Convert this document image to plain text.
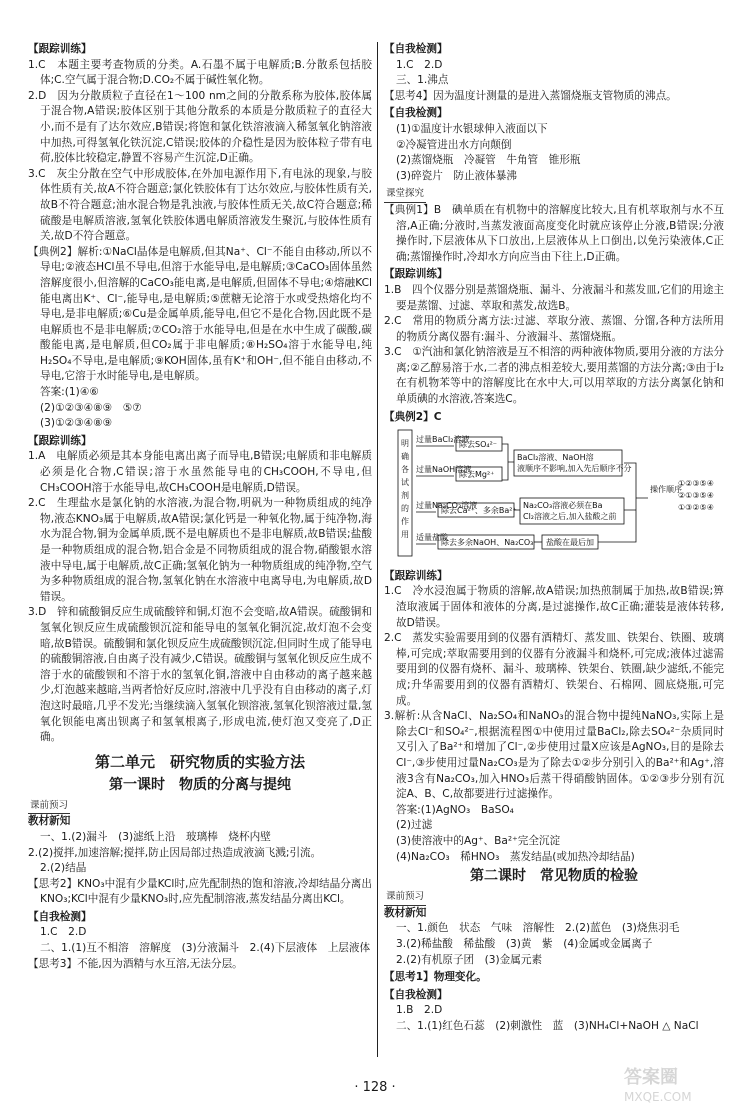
【跟踪训练】
1.C　本题主要考查物质的分类。A.石墨不属于电解质;B.分散系包括胶体;C.空气属于混合物;D.CO₂不属于碱性氧化物。
2.D　因为分散质粒子直径在1～100 nm之间的分散系称为胶体,胶体属于混合物,A错误;胶体区别于其他分散系的本质是分散质粒子的直径大小,而不是有了达尔效应,B错误;将饱和氯化铁溶液滴入稀氢氧化钠溶液中加热,可得氢氧化铁沉淀,C错误;胶体的介稳性是因为胶体粒子带有电荷,胶体比较稳定,静置不容易产生沉淀,D正确。
3.C　灰尘分散在空气中形成胶体,在外加电源作用下,有电泳的现象,与胶体性质有关,故A不符合题意;氯化铁胶体有丁达尔效应,与胶体性质有关,故B不符合题意;油水混合物是乳浊液,与胶体性质无关,故C符合题意;稀硫酸是电解质溶液,氢氧化铁胶体遇电解质溶液发生聚沉,与胶体性质有关,故D不符合题意。
【典例2】解析:①NaCl晶体是电解质,但其Na⁺、Cl⁻不能自由移动,所以不导电;②液态HCl虽不导电,但溶于水能导电,是电解质;③CaCO₃固体虽然溶解度很小,但溶解的CaCO₃能电离,是电解质,但固体不导电;④熔融KCl能电离出K⁺、Cl⁻,能导电,是电解质;⑤蔗糖无论溶于水或受热熔化均不导电,是非电解质;⑥Cu是金属单质,能导电,但它不是化合物,因此既不是电解质也不是非电解质;⑦CO₂溶于水能导电,但是在水中生成了碳酸,碳酸能电离,是电解质,但CO₂属于非电解质;⑧H₂SO₄溶于水能导电,纯H₂SO₄不导电,是电解质;⑨KOH固体,虽有K⁺和OH⁻,但不能自由移动,不导电,它溶于水时能导电,是电解质。
答案:(1)④⑥
(2)①②③④⑧⑨　⑤⑦
(3)①②③④⑧⑨
【跟踪训练】
1.A　电解质必须是其本身能电离出离子而导电,B错误;电解质和非电解质必须是化合物,C错误;溶于水虽然能导电的CH₃COOH,不导电,但CH₃COOH溶于水能导电,故CH₃COOH是电解质,D错误。
2.C　生理盐水是氯化钠的水溶液,为混合物,明矾为一种物质组成的纯净物,液态KNO₃属于电解质,故A错误;氯化钙是一种氧化物,属于纯净物,海水为混合物,铜为金属单质,既不是电解质也不是非电解质,故B错误;盐酸是一种物质组成的混合物,铝合金是不同物质组成的混合物,硝酸银水溶液中导电,属于电解质,故C正确;氢氧化钠为一种物质组成的纯净物,空气为多种物质组成的混合物,氢氧化钠在水溶液中电离导电,为电解质,故D错误。
3.D　锌和硫酸铜反应生成硫酸锌和铜,灯泡不会变暗,故A错误。硫酸铜和氢氧化钡反应生成硫酸钡沉淀和能导电的氢氧化铜沉淀,故灯泡不会变暗,故B错误。硫酸铜和氯化钡反应生成硫酸钡沉淀,但同时生成了能导电的硫酸铜溶液,自由离子没有减少,C错误。硫酸铜与氢氧化钡反应生成不溶于水的硫酸钡和不溶于水的氢氧化铜,溶液中自由移动的离子越来越少,灯泡越来越暗,当两者恰好反应时,溶液中几乎没有自由移动的离子,灯泡这时最暗,几乎不发光;当继续滴入氢氧化钡溶液,氢氧化钡溶液过量,氢氧化钡能电离出钡离子和氢氧根离子,形成电流,使灯泡又变亮了,D正确。
第二单元　研究物质的实验方法
第一课时　物质的分离与提纯
课前预习
教材新知
一、1.(2)漏斗　(3)滤纸上沿　玻璃棒　烧杯内壁
2.(2)搅拌,加速溶解;搅拌,防止因局部过热造成液滴飞溅;引流。
2.(2)结晶
【思考2】KNO₃中混有少量KCl时,应先配制热的饱和溶液,冷却结晶分离出KNO₃;KCl中混有少量KNO₃时,应先配制溶液,蒸发结晶分离出KCl。
【自我检测】
1.C　2.D
二、1.(1)互不相溶　溶解度　(3)分液漏斗　2.(4)下层液体　上层液体
【思考3】不能,因为酒精与水互溶,无法分层。
【自我检测】
1.C　2.D
三、1.沸点
【思考4】因为温度计测量的是进入蒸馏烧瓶支管物质的沸点。
【自我检测】
(1)①温度计水银球伸入液面以下
②冷凝管进出水方向颠倒
(2)蒸馏烧瓶　冷凝管　牛角管　锥形瓶
(3)碎瓷片　防止液体暴沸
课堂探究
【典例1】B　碘单质在有机物中的溶解度比较大,且有机萃取剂与水不互溶,A正确;分液时,当蒸发液面高度变化时就应该停止分液,B错误;分液操作时,下层液体从下口放出,上层液体从上口倒出,以免污染液体,C正确;蒸馏操作时,冷却水方向应当由下往上,D正确。
【跟踪训练】
1.B　四个仪器分别是蒸馏烧瓶、漏斗、分液漏斗和蒸发皿,它们的用途主要是蒸馏、过滤、萃取和蒸发,故选B。
2.C　常用的物质分离方法:过滤、萃取分液、蒸馏、分馏,各种方法所用的物质分离仪器有:漏斗、分液漏斗、蒸馏烧瓶。
3.C　①汽油和氯化钠溶液是互不相溶的两种液体物质,要用分液的方法分离;②乙醇易溶于水,二者的沸点相差较大,要用蒸馏的方法分离;③由于I₂在有机物苯等中的溶解度比在水中大,可以用萃取的方法分离氯化钠和单质碘的水溶液,答案选C。
【典例2】C
明确各试剂的作用
过量BaCl₂溶液
除去SO₄²⁻
过量NaOH溶液
除去Mg²⁺
过量Na₂CO₃溶液
除去Ca²⁺、多余Ba²⁺
适量盐酸
除去多余NaOH、Na₂CO₃
BaCl₂溶液、NaOH溶
液顺序不影响,加入先后顺序不分
Na₂CO₃溶液必须在Ba
Cl₂溶液之后,加入盐酸之前
盐酸在最后加
操作顺序
①②③⑤④
②①③⑤④
①③②⑤④
【跟踪训练】
1.C　冷水浸泡属于物质的溶解,故A错误;加热煎制属于加热,故B错误;箅渣取液属于固体和液体的分离,是过滤操作,故C正确;灌装是液体转移,故D错误。
2.C　蒸发实验需要用到的仪器有酒精灯、蒸发皿、铁架台、铁圈、玻璃棒,可完成;萃取需要用到的仪器有分液漏斗和烧杯,可完成;液体过滤需要用到的仪器有烧杯、漏斗、玻璃棒、铁架台、铁圈,缺少滤纸,不能完成;升华需要用到的仪器有酒精灯、铁架台、石棉网、圆底烧瓶,可完成。
3.解析:从含NaCl、Na₂SO₄和NaNO₃的混合物中提纯NaNO₃,实际上是除去Cl⁻和SO₄²⁻,根据流程图①中使用过量BaCl₂,除去SO₄²⁻杂质同时又引入了Ba²⁺和增加了Cl⁻,②步使用过量X应该是AgNO₃,目的是除去Cl⁻,③步使用过量Na₂CO₃是为了除去①②步分别引入的Ba²⁺和Ag⁺,溶液3含有Na₂CO₃,加入HNO₃后蒸干得硝酸钠固体。①②③步分别有沉淀A、B、C,故都要进行过滤操作。
答案:(1)AgNO₃　BaSO₄
(2)过滤
(3)使溶液中的Ag⁺、Ba²⁺完全沉淀
(4)Na₂CO₃　稀HNO₃　蒸发结晶(或加热冷却结晶)
第二课时　常见物质的检验
课前预习
教材新知
一、1.颜色　状态　气味　溶解性　2.(2)蓝色　(3)烧焦羽毛
3.(2)稀盐酸　稀盐酸　(3)黄　紫　(4)金属或金属离子
2.(2)有机原子团　(3)金属元素
【思考1】物理变化。
【自我检测】
1.B　2.D
二、1.(1)红色石蕊　(2)刺激性　蓝　(3)NH₄Cl+NaOH △ NaCl
· 128 ·	答案圈
MXQE.COM
